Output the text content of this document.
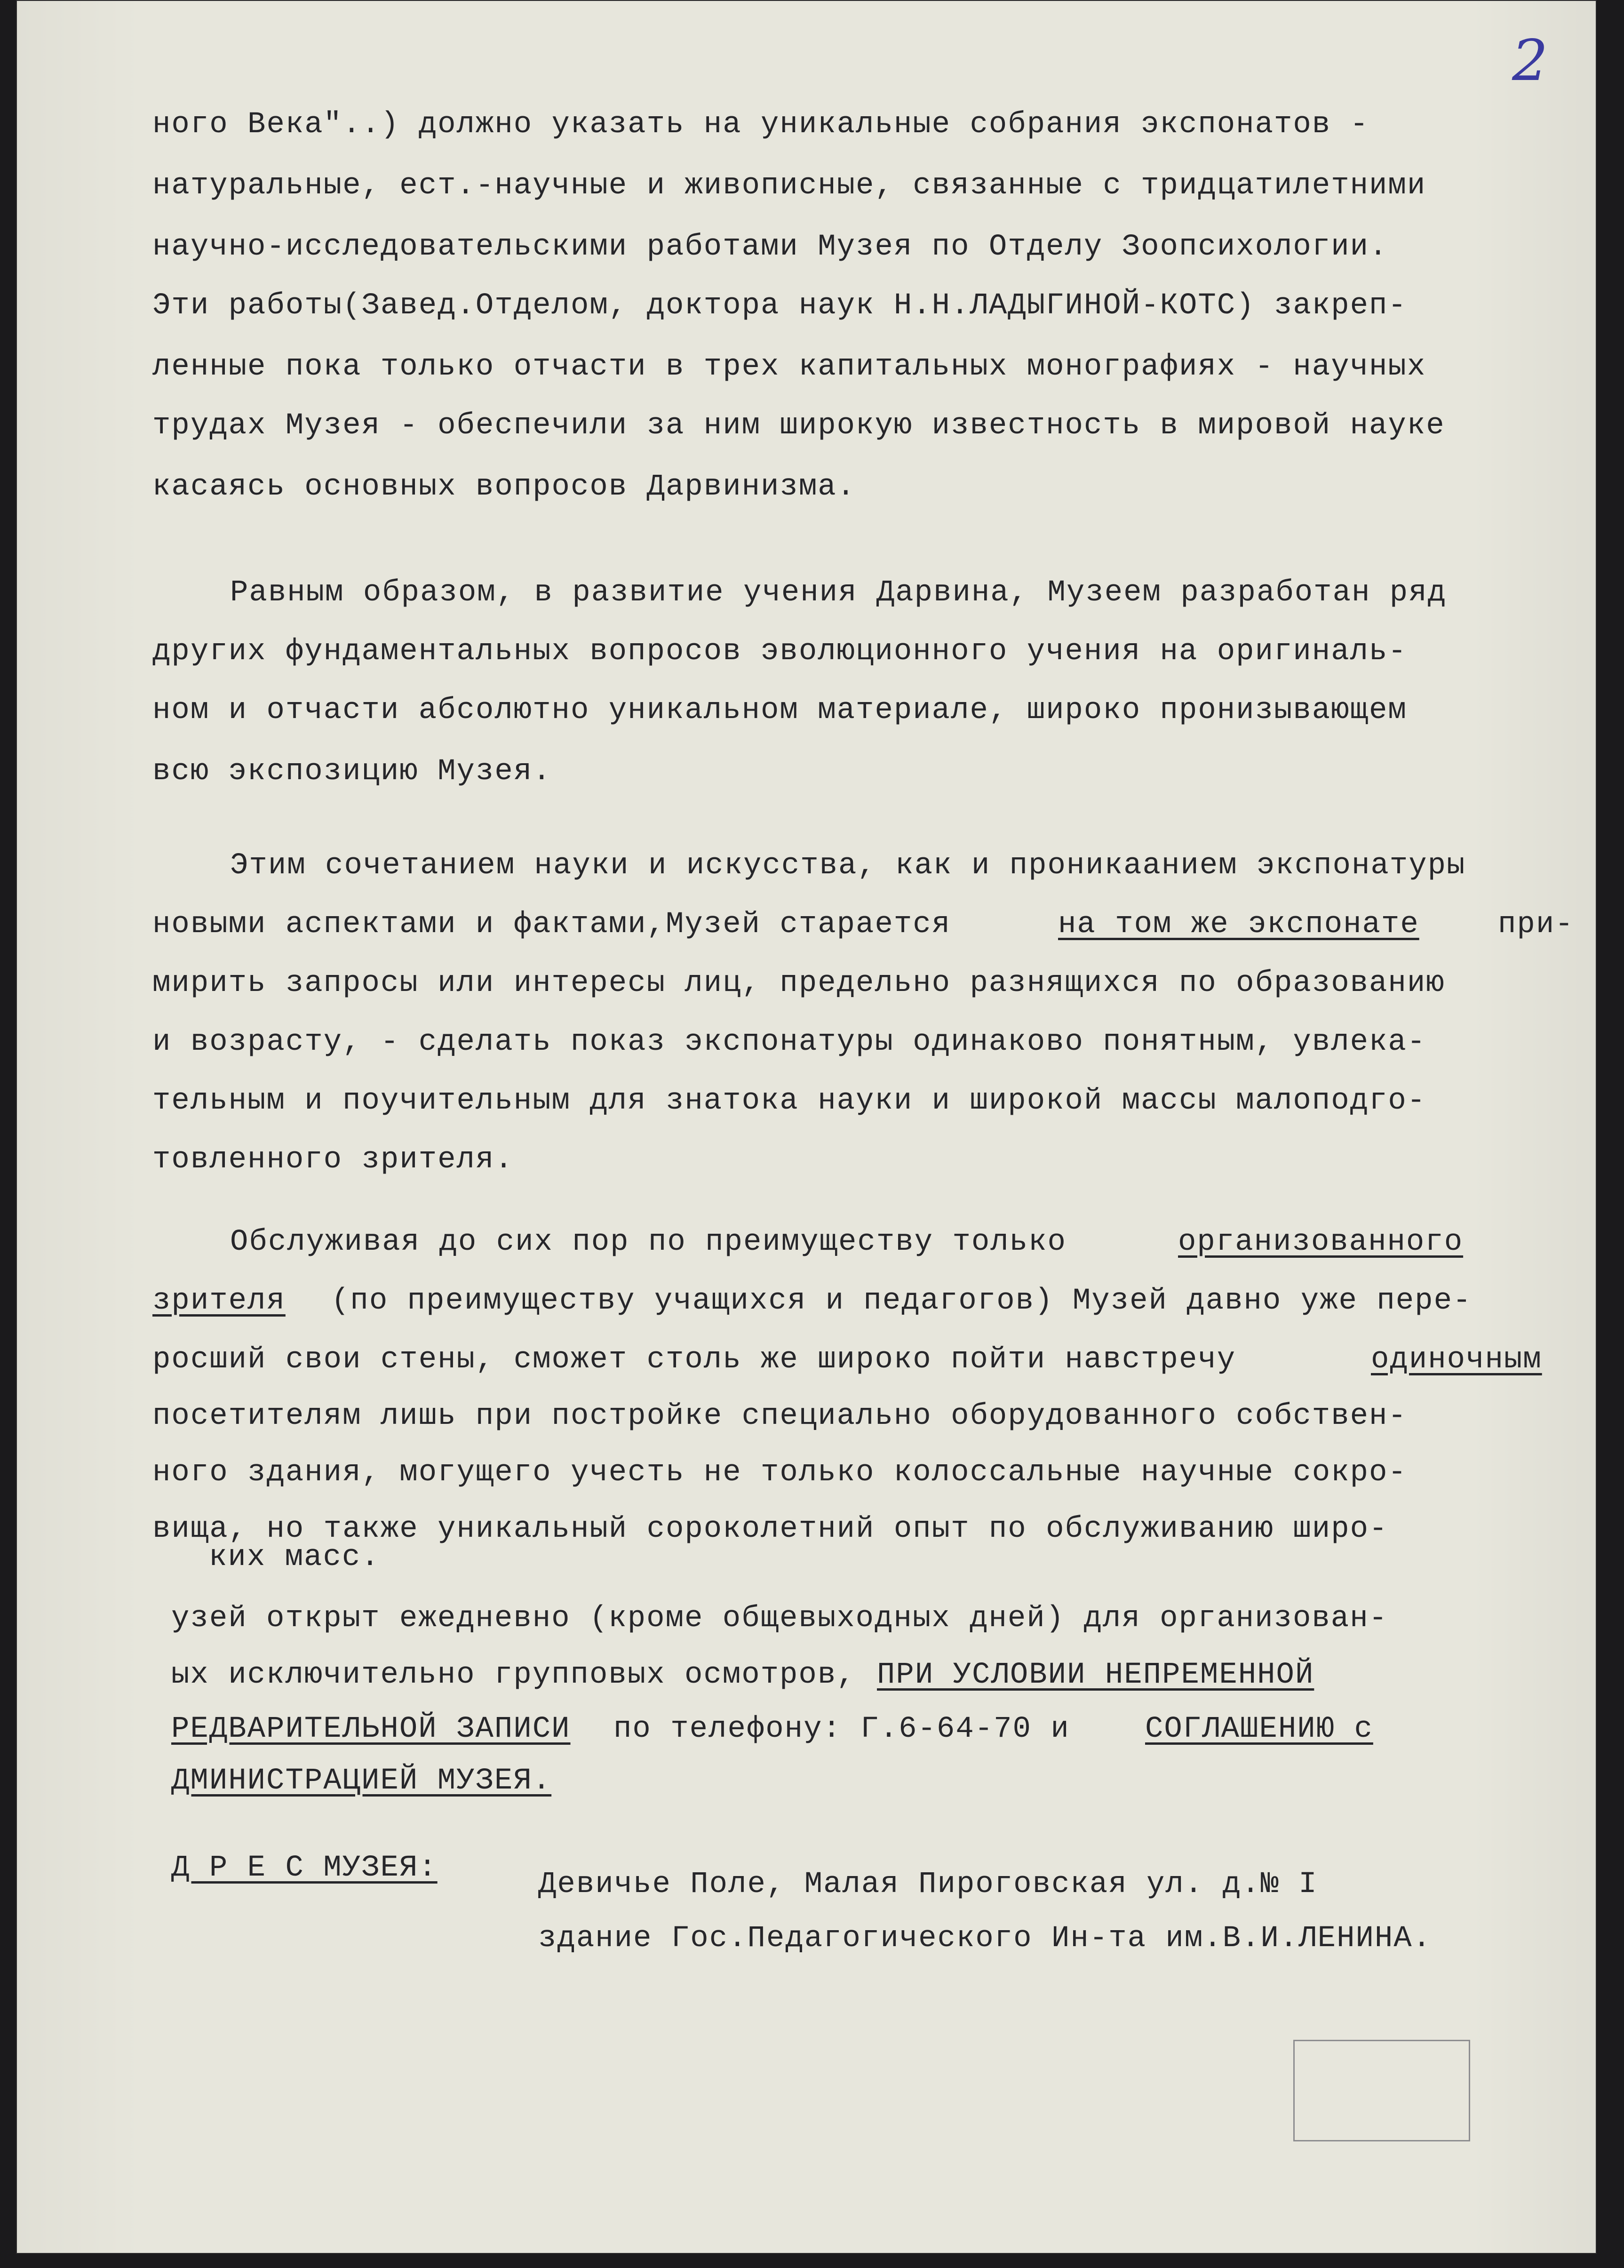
2
ного Века"..) должно указать на уникальные собрания экспонатов -
натуральные, ест.-научные и живописные, связанные с тридцатилетними
научно-исследовательскими работами Музея по Отделу Зоопсихологии.
Эти работы(Завед.Отделом, доктора наук Н.Н.ЛАДЫГИНОЙ-КОТС) закреп-
ленные пока только отчасти в трех капитальных монографиях - научных
трудах Музея - обеспечили за ним широкую известность в мировой науке
касаясь основных вопросов Дарвинизма.
Равным образом, в развитие учения Дарвина, Музеем разработан ряд
других фундаментальных вопросов эволюционного учения на оригиналь-
ном и отчасти абсолютно уникальном материале, широко пронизывающем
всю экспозицию Музея.
Этим сочетанием науки и искусства, как и проникаанием экспонатуры
новыми аспектами и фактами,Музей старается	на том же экспонате	при-
мирить запросы или интересы лиц, предельно разнящихся по образованию
и возрасту, - сделать показ экспонатуры одинаково понятным, увлека-
тельным и поучительным для знатока науки и широкой массы малоподго-
товленного зрителя.
Обслуживая до сих пор по преимуществу только	организованного
зрителя	(по преимуществу учащихся и педагогов) Музей давно уже пере-
росший свои стены, сможет столь же широко пойти навстречу	одиночным
посетителям лишь при постройке специально оборудованного собствен-
ного здания, могущего учесть не только колоссальные научные сокро-
вища, но также уникальный сороколетний опыт по обслуживанию широ-
ких масс.
узей открыт ежедневно (кроме общевыходных дней) для организован-
ых исключительно групповых осмотров, ПРИ УСЛОВИИ НЕПРЕМЕННОЙ
РЕДВАРИТЕЛЬНОЙ ЗАПИСИ	по телефону: Г.6-64-70 и	СОГЛАШЕНИЮ с
ДМИНИСТРАЦИЕЙ МУЗЕЯ.
Д Р Е С МУЗЕЯ:	Девичье Поле, Малая Пироговская ул. д.№ I
здание Гос.Педагогического Ин-та им.В.И.ЛЕНИНА.
